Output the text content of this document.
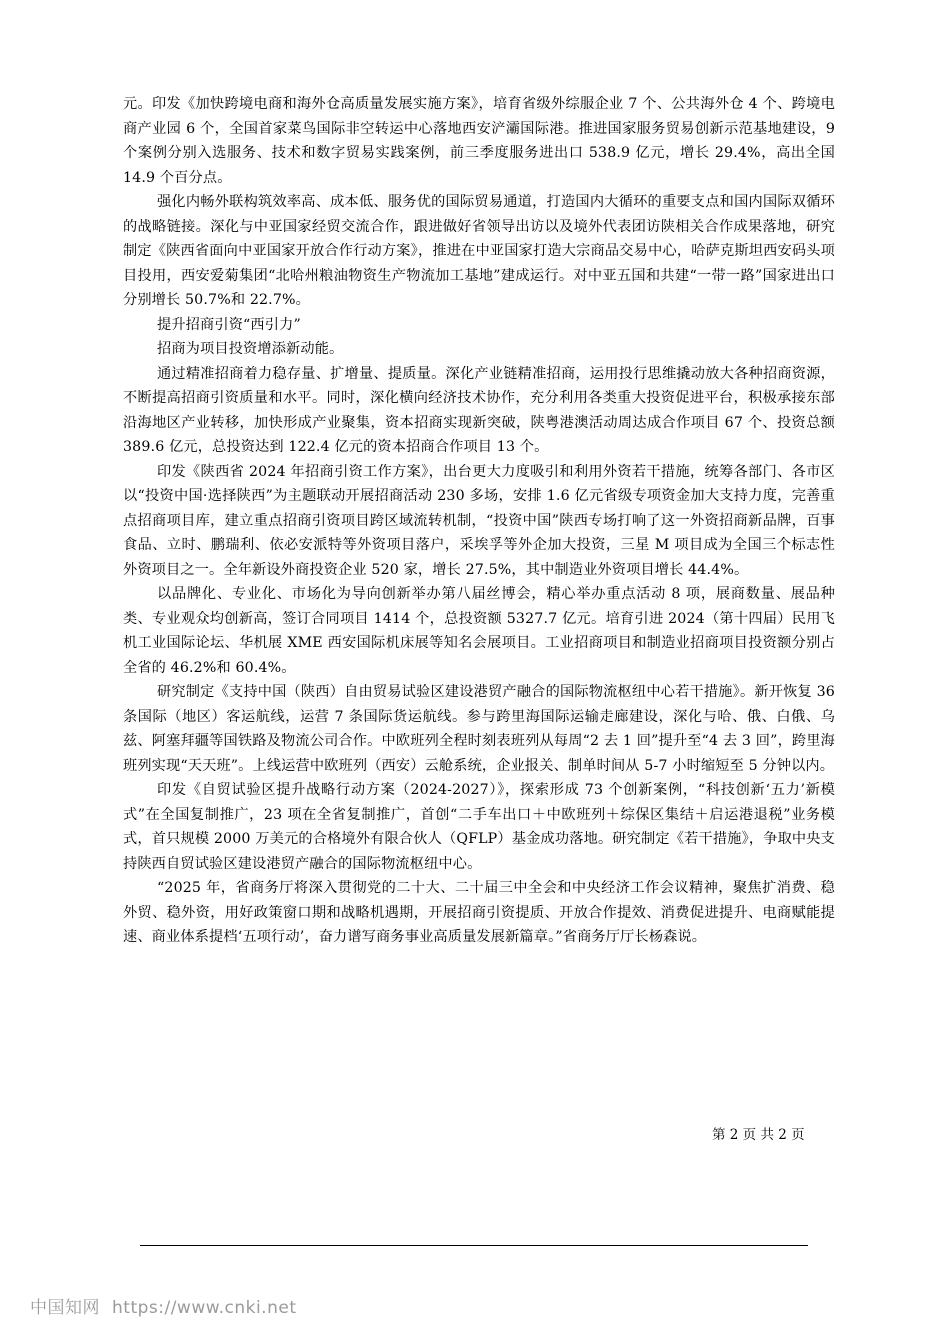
元。印发《加快跨境电商和海外仓高质量发展实施方案》，培育省级外综服企业 7 个、公共海外仓 4 个、跨境电商产业园 6 个，全国首家菜鸟国际非空转运中心落地西安浐灞国际港。推进国家服务贸易创新示范基地建设，9 个案例分别入选服务、技术和数字贸易实践案例，前三季度服务进出口 538.9 亿元，增长 29.4%，高出全国 14.9 个百分点。

强化内畅外联构筑效率高、成本低、服务优的国际贸易通道，打造国内大循环的重要支点和国内国际双循环的战略链接。深化与中亚国家经贸交流合作，跟进做好省领导出访以及境外代表团访陕相关合作成果落地，研究制定《陕西省面向中亚国家开放合作行动方案》，推进在中亚国家打造大宗商品交易中心，哈萨克斯坦西安码头项目投用，西安爱菊集团“北哈州粮油物资生产物流加工基地”建成运行。对中亚五国和共建“一带一路”国家进出口分别增长 50.7%和 22.7%。

提升招商引资“西引力”

招商为项目投资增添新动能。

通过精准招商着力稳存量、扩增量、提质量。深化产业链精准招商，运用投行思维撬动放大各种招商资源，不断提高招商引资质量和水平。同时，深化横向经济技术协作，充分利用各类重大投资促进平台，积极承接东部沿海地区产业转移，加快形成产业聚集，资本招商实现新突破，陕粤港澳活动周达成合作项目 67 个、投资总额 389.6 亿元，总投资达到 122.4 亿元的资本招商合作项目 13 个。

印发《陕西省 2024 年招商引资工作方案》，出台更大力度吸引和利用外资若干措施，统筹各部门、各市区以“投资中国·选择陕西”为主题联动开展招商活动 230 多场，安排 1.6 亿元省级专项资金加大支持力度，完善重点招商项目库，建立重点招商引资项目跨区域流转机制，“投资中国”陕西专场打响了这一外资招商新品牌，百事食品、立时、鹏瑞利、依必安派特等外资项目落户，采埃孚等外企加大投资，三星 M 项目成为全国三个标志性外资项目之一。全年新设外商投资企业 520 家，增长 27.5%，其中制造业外资项目增长 44.4%。

以品牌化、专业化、市场化为导向创新举办第八届丝博会，精心举办重点活动 8 项，展商数量、展品种类、专业观众均创新高，签订合同项目 1414 个，总投资额 5327.7 亿元。培育引进 2024（第十四届）民用飞机工业国际论坛、华机展 XME 西安国际机床展等知名会展项目。工业招商项目和制造业招商项目投资额分别占全省的 46.2%和 60.4%。

研究制定《支持中国（陕西）自由贸易试验区建设港贸产融合的国际物流枢纽中心若干措施》。新开恢复 36 条国际（地区）客运航线，运营 7 条国际货运航线。参与跨里海国际运输走廊建设，深化与哈、俄、白俄、乌兹、阿塞拜疆等国铁路及物流公司合作。中欧班列全程时刻表班列从每周“2 去 1 回”提升至“4 去 3 回”，跨里海班列实现“天天班”。上线运营中欧班列（西安）云舱系统，企业报关、制单时间从 5-7 小时缩短至 5 分钟以内。

印发《自贸试验区提升战略行动方案（2024-2027）》，探索形成 73 个创新案例，“科技创新‘五力’新模式”在全国复制推广，23 项在全省复制推广，首创“二手车出口＋中欧班列＋综保区集结＋启运港退税”业务模式，首只规模 2000 万美元的合格境外有限合伙人（QFLP）基金成功落地。研究制定《若干措施》，争取中央支持陕西自贸试验区建设港贸产融合的国际物流枢纽中心。

“2025 年，省商务厅将深入贯彻党的二十大、二十届三中全会和中央经济工作会议精神，聚焦扩消费、稳外贸、稳外资，用好政策窗口期和战略机遇期，开展招商引资提质、开放合作提效、消费促进提升、电商赋能提速、商业体系提档‘五项行动’，奋力谱写商务事业高质量发展新篇章。”省商务厅厅长杨森说。

第 2 页 共 2 页
中国知网 https://www.cnki.net
